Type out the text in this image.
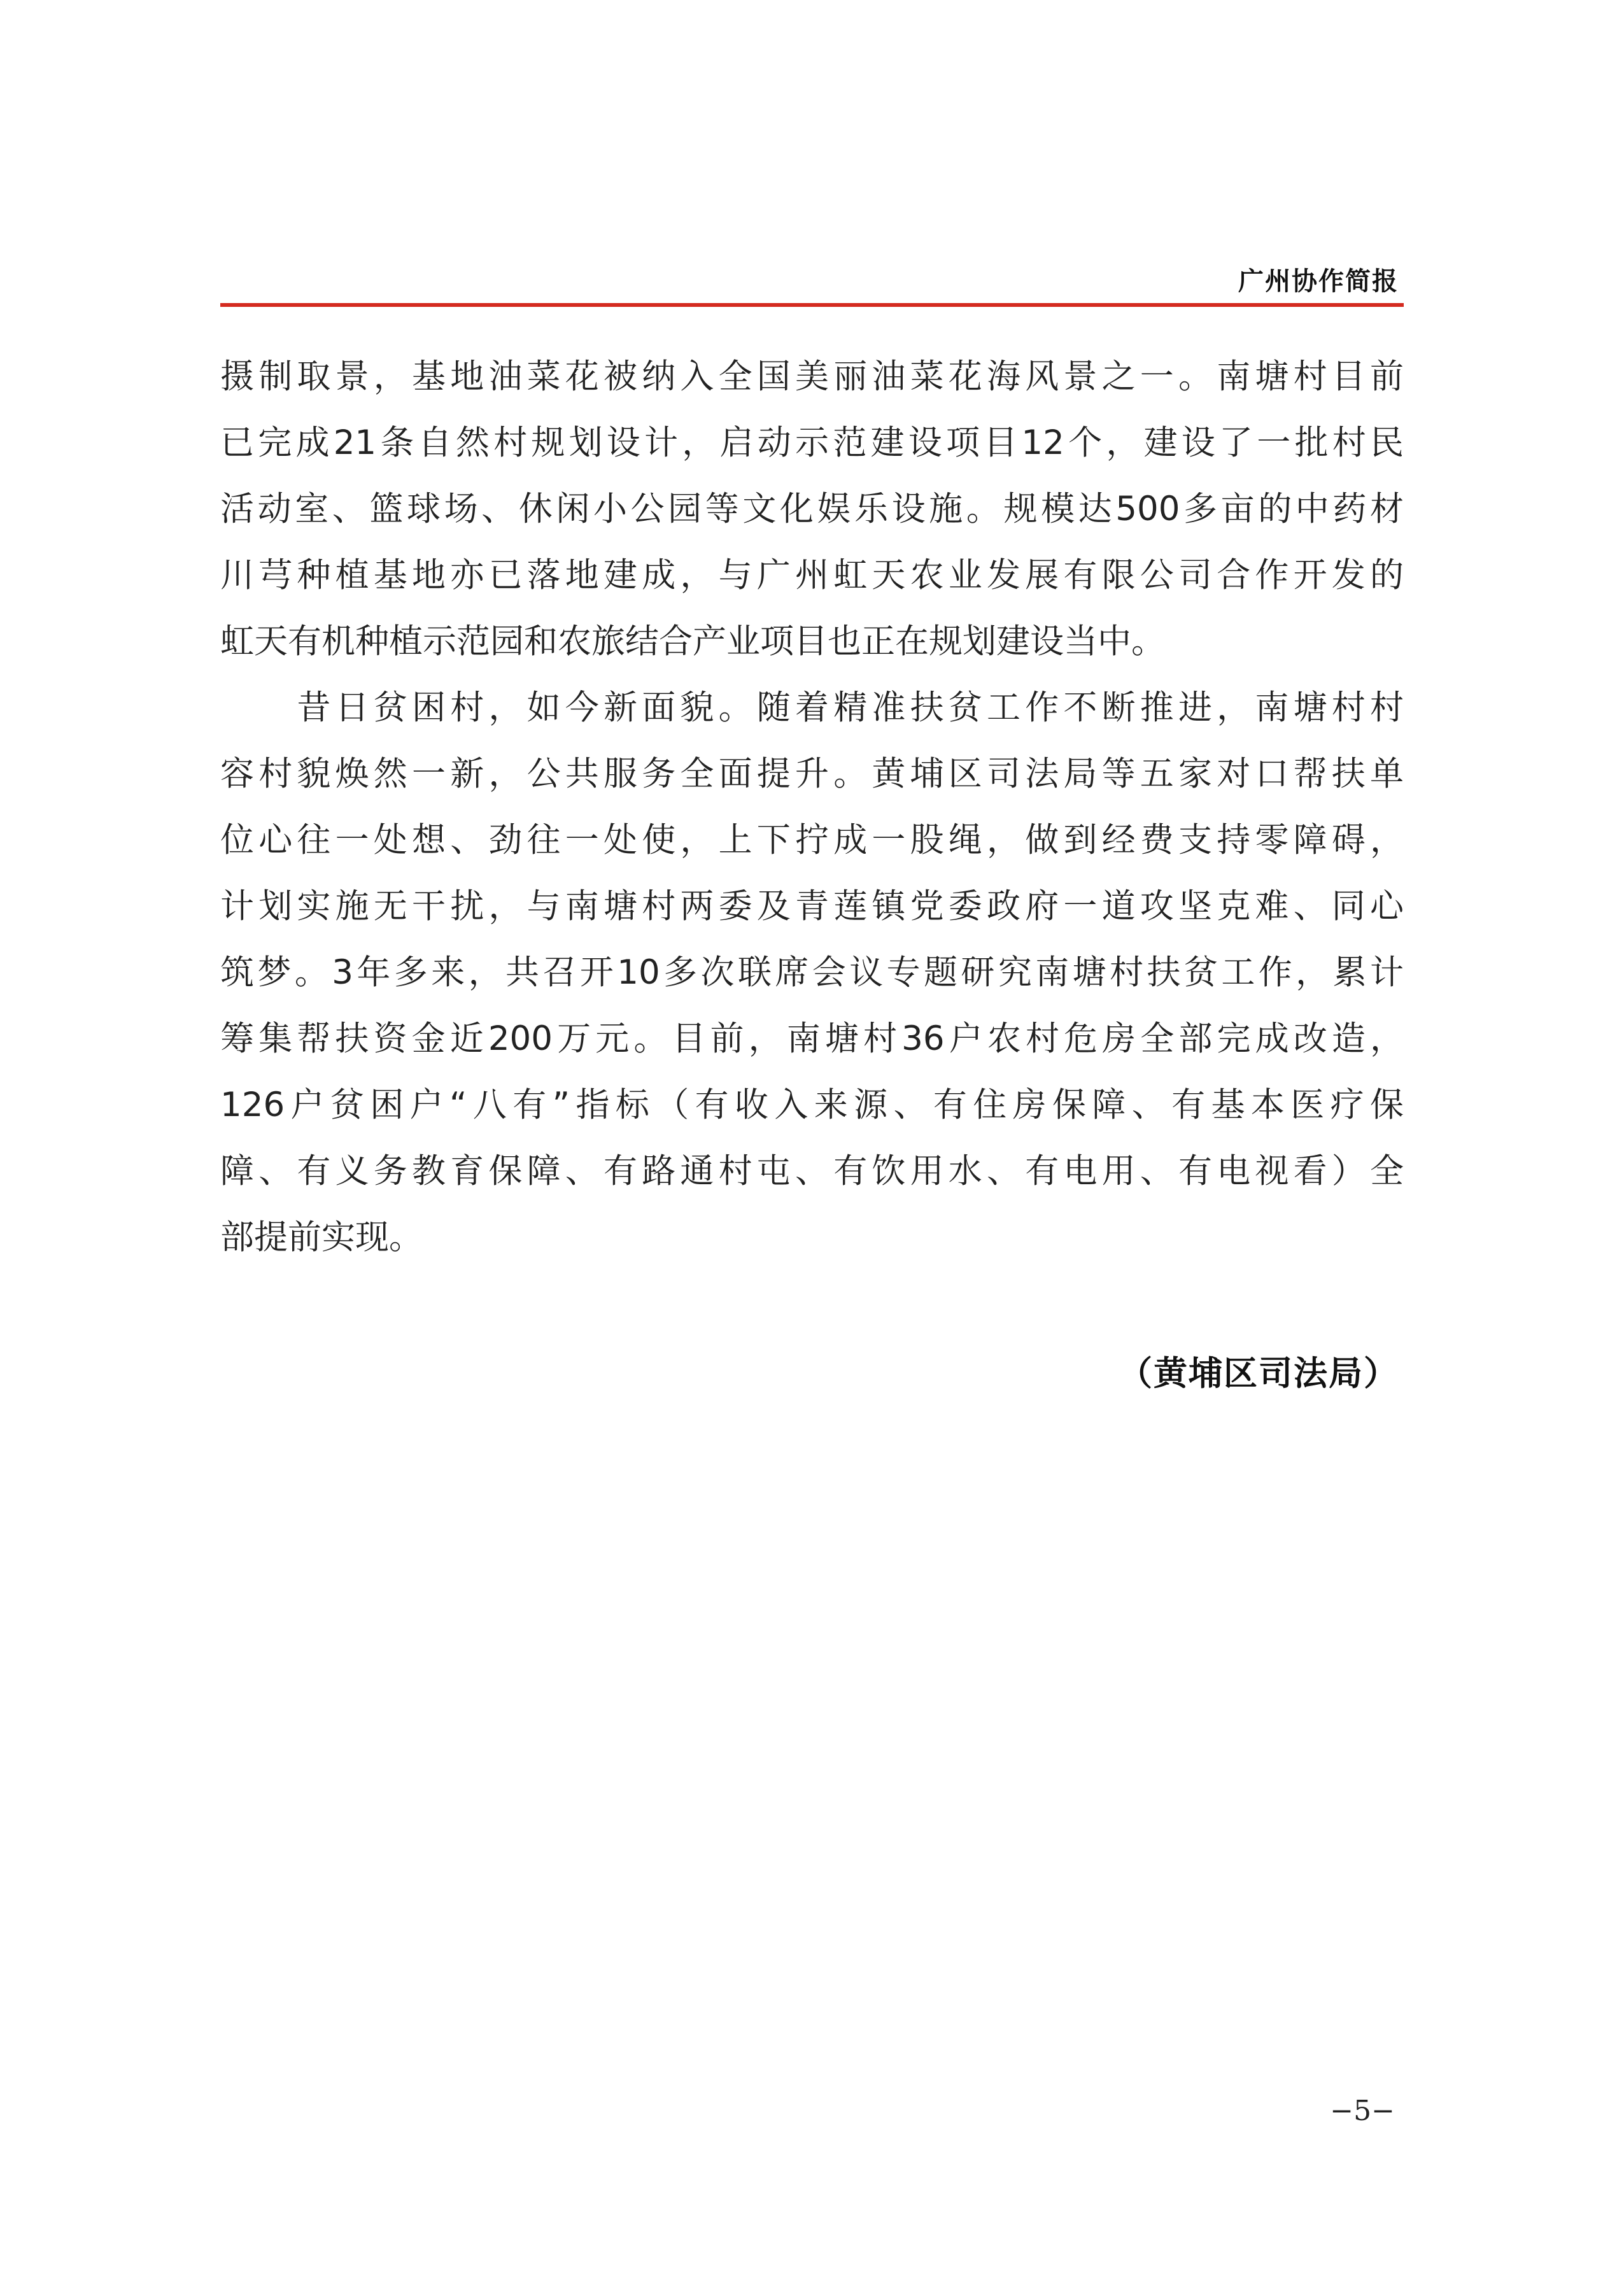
广州协作简报
摄制取景，基地油菜花被纳入全国美丽油菜花海风景之一。南塘村目前
已完成21条自然村规划设计，启动示范建设项目12个，建设了一批村民
活动室、篮球场、休闲小公园等文化娱乐设施。规模达500多亩的中药材
川芎种植基地亦已落地建成，与广州虹天农业发展有限公司合作开发的
虹天有机种植示范园和农旅结合产业项目也正在规划建设当中。
　　昔日贫困村，如今新面貌。随着精准扶贫工作不断推进，南塘村村
容村貌焕然一新，公共服务全面提升。黄埔区司法局等五家对口帮扶单
位心往一处想、劲往一处使，上下拧成一股绳，做到经费支持零障碍，
计划实施无干扰，与南塘村两委及青莲镇党委政府一道攻坚克难、同心
筑梦。3年多来，共召开10多次联席会议专题研究南塘村扶贫工作，累计
筹集帮扶资金近200万元。目前，南塘村36户农村危房全部完成改造，
126户贫困户“八有”指标（有收入来源、有住房保障、有基本医疗保
障、有义务教育保障、有路通村屯、有饮用水、有电用、有电视看）全
部提前实现。
（黄埔区司法局）
−5−
